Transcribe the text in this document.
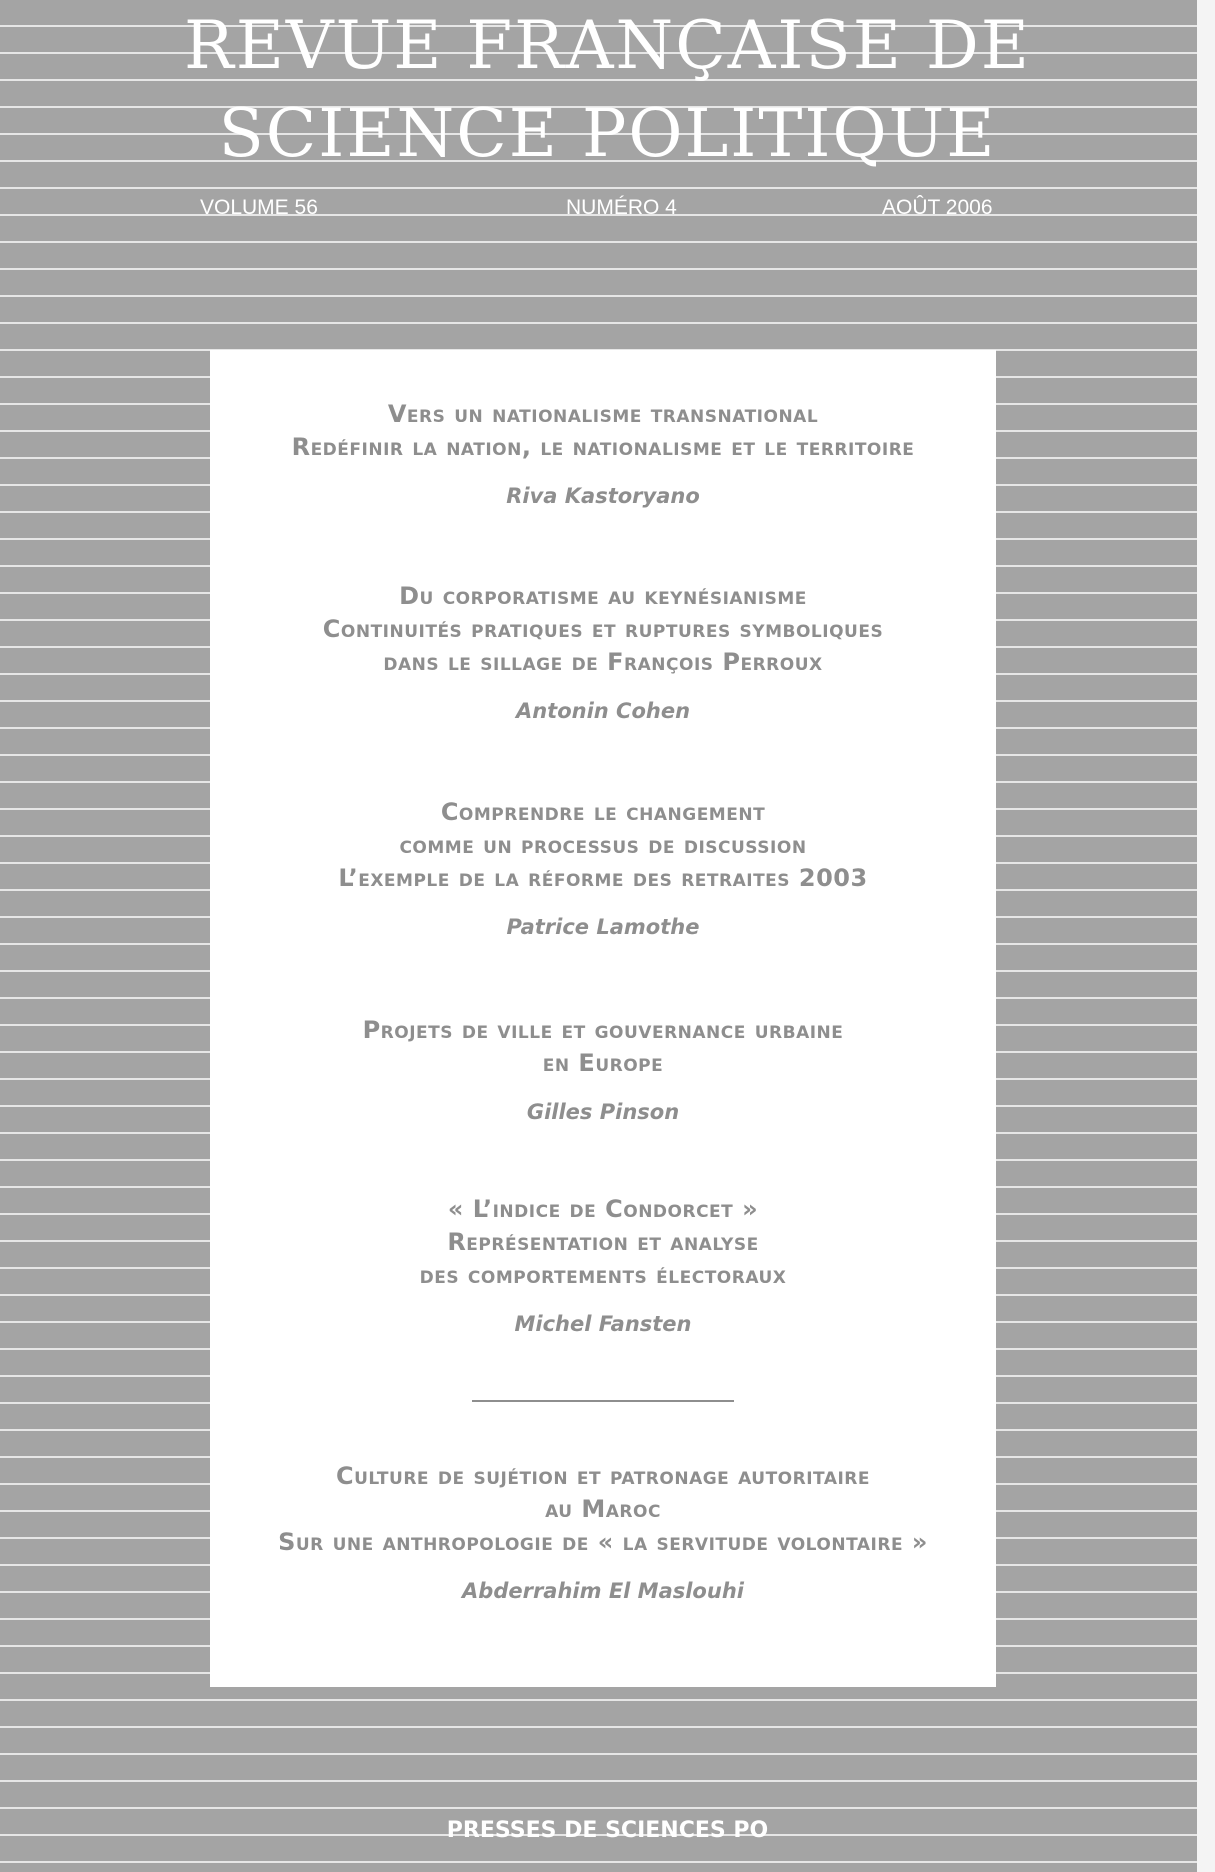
REVUE FRANÇAISE DE
SCIENCE POLITIQUE
VOLUME 56	NUMÉRO 4	AOÛT 2006
Vers un nationalisme transnational
Redéfinir la nation, le nationalisme et le territoire
Riva Kastoryano
Du corporatisme au keynésianisme
Continuités pratiques et ruptures symboliques
dans le sillage de François Perroux
Antonin Cohen
Comprendre le changement
comme un processus de discussion
L’exemple de la réforme des retraites 2003
Patrice Lamothe
Projets de ville et gouvernance urbaine
en Europe
Gilles Pinson
« L’indice de Condorcet »
Représentation et analyse
des comportements électoraux
Michel Fansten
Culture de sujétion et patronage autoritaire
au Maroc
Sur une anthropologie de « la servitude volontaire »
Abderrahim El Maslouhi
PRESSES DE SCIENCES PO
